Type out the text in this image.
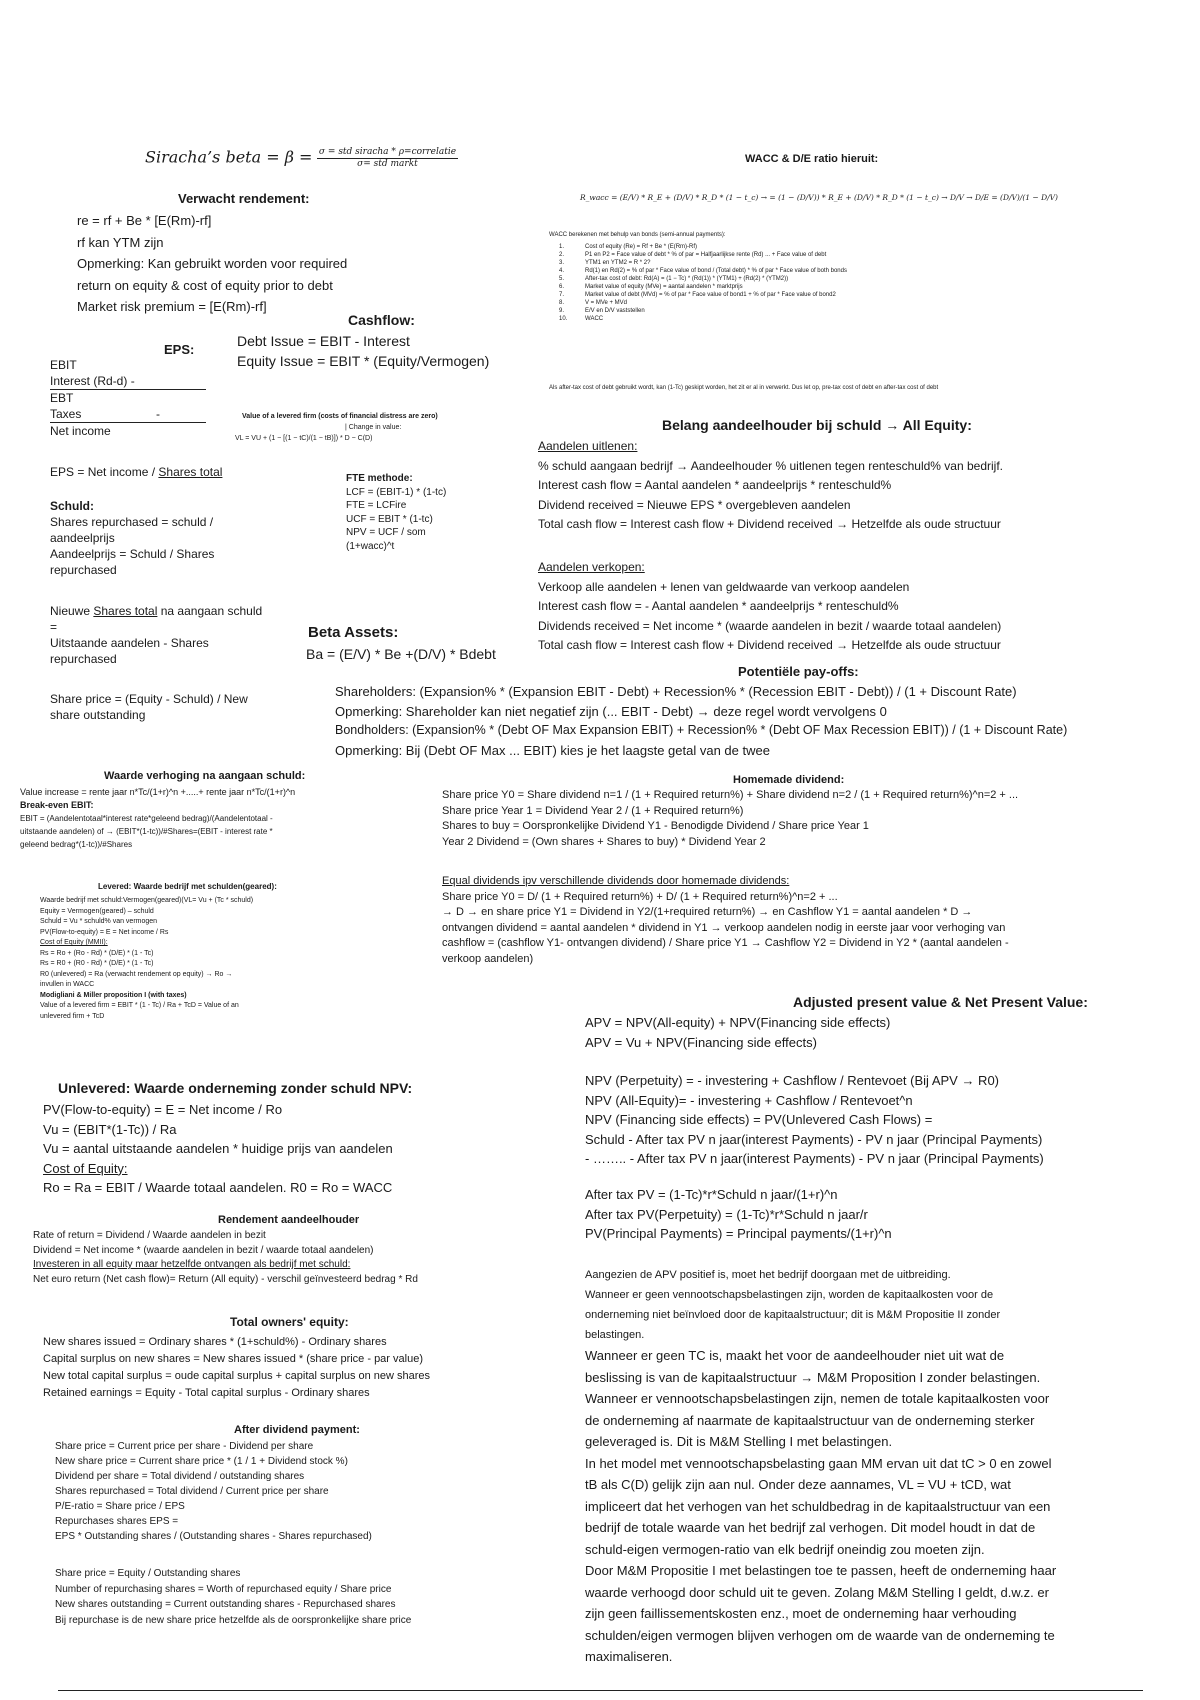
Siracha’s beta = $\beta = \frac{\text{σ = std siracha * ρ=correlatie}}{\text{σ= std markt}}$	WACC & D/E ratio hieruit:
R_wacc = (E/V) * R_E + (D/V) * R_D * (1 − t_c) → = (1 − (D/V)) * R_E + (D/V) * R_D * (1 − t_c) → D/V → D/E = (D/V)/(1 − D/V)
WACC berekenen met behulp van bonds (semi-annual payments):
1.	Cost of equity (Re) = Rf + Be * (E(Rm)-Rf)
2.	P1 en P2 = Face value of debt * % of par = Halfjaarlijkse rente (Rd) ... + Face value of debt
3.	YTM1 en YTM2 = R * 2?
4.	Rd(1) en Rd(2) = % of par * Face value of bond / (Total debt) * % of par * Face value of both bonds
5.	After-tax cost of debt: Rd(A) = (1 − Tc) * (Rd(1)) * (YTM1) + (Rd(2) * (YTM2))
6.	Market value of equity (MVe) = aantal aandelen * marktprijs
7.	Market value of debt (MVd) = % of par * Face value of bond1 + % of par * Face value of bond2
8.	V = MVe + MVd
9.	E/V en D/V vaststellen
10.	WACC
Als after-tax cost of debt gebruikt wordt, kan (1-Tc) geskipt worden, het zit er al in verwerkt. Dus let op, pre-tax cost of debt en after-tax cost of debt
Verwacht rendement:
re = rf + Be * [E(Rm)-rf]
rf kan YTM zijn
Opmerking: Kan gebruikt worden voor required
return on equity & cost of equity prior to debt
Market risk premium = [E(Rm)-rf]
Cashflow:
Debt Issue = EBIT - Interest
Equity Issue = EBIT * (Equity/Vermogen)
EPS:
EBIT
Interest (Rd-d) -
EBT
Taxes	-
Net income
EPS = Net income / Shares total
Value of a levered firm (costs of financial distress are zero)
| Change in value:
VL = VU + (1 − [(1 − tC)/(1 − tB)]) * D − C(D)
FTE methode:
LCF = (EBIT-1) * (1-tc)
FTE = LCFire
UCF = EBIT * (1-tc)
NPV = UCF / som
(1+wacc)^t
Schuld:
Shares repurchased = schuld /
aandeelprijs
Aandeelprijs = Schuld / Shares
repurchased
Nieuwe Shares total na aangaan schuld
=
Uitstaande aandelen - Shares
repurchased
Share price = (Equity - Schuld) / New
share outstanding
Beta Assets:
Ba = (E/V) * Be +(D/V) * Bdebt
Belang aandeelhouder bij schuld → All Equity:
Aandelen uitlenen:
% schuld aangaan bedrijf → Aandeelhouder % uitlenen tegen renteschuld% van bedrijf.
Interest cash flow = Aantal aandelen * aandeelprijs * renteschuld%
Dividend received = Nieuwe EPS * overgebleven aandelen
Total cash flow = Interest cash flow + Dividend received → Hetzelfde als oude structuur
Aandelen verkopen:
Verkoop alle aandelen + lenen van geldwaarde van verkoop aandelen
Interest cash flow = - Aantal aandelen * aandeelprijs * renteschuld%
Dividends received = Net income * (waarde aandelen in bezit / waarde totaal aandelen)
Total cash flow = Interest cash flow + Dividend received → Hetzelfde als oude structuur
Potentiële pay-offs:
Shareholders: (Expansion% * (Expansion EBIT - Debt) + Recession% * (Recession EBIT - Debt)) / (1 + Discount Rate)
Opmerking: Shareholder kan niet negatief zijn (... EBIT - Debt) → deze regel wordt vervolgens 0
Bondholders: (Expansion% * (Debt OF Max Expansion EBIT) + Recession% * (Debt OF Max Recession EBIT)) / (1 + Discount Rate)
Opmerking: Bij (Debt OF Max ... EBIT) kies je het laagste getal van de twee
Waarde verhoging na aangaan schuld:
Value increase = rente jaar n*Tc/(1+r)^n +.....+ rente jaar n*Tc/(1+r)^n
Break-even EBIT:
EBIT = (Aandelentotaal*interest rate*geleend bedrag)/(Aandelentotaal -
uitstaande aandelen) of → (EBIT*(1-tc))/#Shares=(EBIT - interest rate *
geleend bedrag*(1-tc))/#Shares
Levered: Waarde bedrijf met schulden(geared):
Waarde bedrijf met schuld:Vermogen(geared)(VL= Vu + (Tc * schuld)
Equity = Vermogen(geared) – schuld
Schuld = Vu * schuld% van vermogen
PV(Flow-to-equity) = E = Net income / Rs
Cost of Equity (MMII):
Rs = Ro + (Ro - Rd) * (D/E) * (1 - Tc)
Rs = R0 + (R0 - Rd) * (D/E) * (1 - Tc)
R0 (unlevered) = Ra (verwacht rendement op equity) → Ro →
invullen in WACC
Modigliani & Miller proposition I (with taxes)
Value of a levered firm = EBIT * (1 - Tc) / Ra + TcD = Value of an
unlevered firm + TcD
Homemade dividend:
Share price Y0 = Share dividend n=1 / (1 + Required return%) + Share dividend n=2 / (1 + Required return%)^n=2 + ...
Share price Year 1 = Dividend Year 2 / (1 + Required return%)
Shares to buy = Oorspronkelijke Dividend Y1 - Benodigde Dividend / Share price Year 1
Year 2 Dividend = (Own shares + Shares to buy) * Dividend Year 2
Equal dividends ipv verschillende dividends door homemade dividends:
Share price Y0 = D/ (1 + Required return%) + D/ (1 + Required return%)^n=2 + ...
→ D → en share price Y1 = Dividend in Y2/(1+required return%) → en Cashflow Y1 = aantal aandelen * D →
ontvangen dividend = aantal aandelen * dividend in Y1 → verkoop aandelen nodig in eerste jaar voor verhoging van
cashflow = (cashflow Y1- ontvangen dividend) / Share price Y1 → Cashflow Y2 = Dividend in Y2 * (aantal aandelen -
verkoop aandelen)
Unlevered: Waarde onderneming zonder schuld NPV:
PV(Flow-to-equity) = E = Net income / Ro
Vu = (EBIT*(1-Tc)) / Ra
Vu = aantal uitstaande aandelen * huidige prijs van aandelen
Cost of Equity:
Ro = Ra = EBIT / Waarde totaal aandelen. R0 = Ro = WACC
Rendement aandeelhouder
Rate of return = Dividend / Waarde aandelen in bezit
Dividend = Net income * (waarde aandelen in bezit / waarde totaal aandelen)
Investeren in all equity maar hetzelfde ontvangen als bedrijf met schuld:
Net euro return (Net cash flow)= Return (All equity) - verschil geïnvesteerd bedrag * Rd
Total owners' equity:
New shares issued = Ordinary shares * (1+schuld%) - Ordinary shares
Capital surplus on new shares = New shares issued * (share price - par value)
New total capital surplus = oude capital surplus + capital surplus on new shares
Retained earnings = Equity - Total capital surplus - Ordinary shares
After dividend payment:
Share price = Current price per share - Dividend per share
New share price = Current share price * (1 / 1 + Dividend stock %)
Dividend per share = Total dividend / outstanding shares
Shares repurchased = Total dividend / Current price per share
P/E-ratio = Share price / EPS
Repurchases shares EPS =
EPS * Outstanding shares / (Outstanding shares - Shares repurchased)
Share price = Equity / Outstanding shares
Number of repurchasing shares = Worth of repurchased equity / Share price
New shares outstanding = Current outstanding shares - Repurchased shares
Bij repurchase is de new share price hetzelfde als de oorspronkelijke share price
Adjusted present value & Net Present Value:
APV = NPV(All-equity) + NPV(Financing side effects)
APV = Vu + NPV(Financing side effects)
NPV (Perpetuity) = - investering + Cashflow / Rentevoet (Bij APV → R0)
NPV (All-Equity)= - investering + Cashflow / Rentevoet^n
NPV (Financing side effects) = PV(Unlevered Cash Flows) =
Schuld - After tax PV n jaar(interest Payments) - PV n jaar (Principal Payments)
- …….. - After tax PV n jaar(interest Payments) - PV n jaar (Principal Payments)
After tax PV = (1-Tc)*r*Schuld n jaar/(1+r)^n
After tax PV(Perpetuity) = (1-Tc)*r*Schuld n jaar/r
PV(Principal Payments) = Principal payments/(1+r)^n
Aangezien de APV positief is, moet het bedrijf doorgaan met de uitbreiding.
Wanneer er geen vennootschapsbelastingen zijn, worden de kapitaalkosten voor de
onderneming niet beïnvloed door de kapitaalstructuur; dit is M&M Propositie II zonder
belastingen.
Wanneer er geen TC is, maakt het voor de aandeelhouder niet uit wat de
beslissing is van de kapitaalstructuur → M&M Proposition I zonder belastingen.
Wanneer er vennootschapsbelastingen zijn, nemen de totale kapitaalkosten voor
de onderneming af naarmate de kapitaalstructuur van de onderneming sterker
geleveraged is. Dit is M&M Stelling I met belastingen.
In het model met vennootschapsbelasting gaan MM ervan uit dat tC > 0 en zowel
tB als C(D) gelijk zijn aan nul. Onder deze aannames, VL = VU + tCD, wat
impliceert dat het verhogen van het schuldbedrag in de kapitaalstructuur van een
bedrijf de totale waarde van het bedrijf zal verhogen. Dit model houdt in dat de
schuld-eigen vermogen-ratio van elk bedrijf oneindig zou moeten zijn.
Door M&M Propositie I met belastingen toe te passen, heeft de onderneming haar
waarde verhoogd door schuld uit te geven. Zolang M&M Stelling I geldt, d.w.z. er
zijn geen faillissementskosten enz., moet de onderneming haar verhouding
schulden/eigen vermogen blijven verhogen om de waarde van de onderneming te
maximaliseren.
